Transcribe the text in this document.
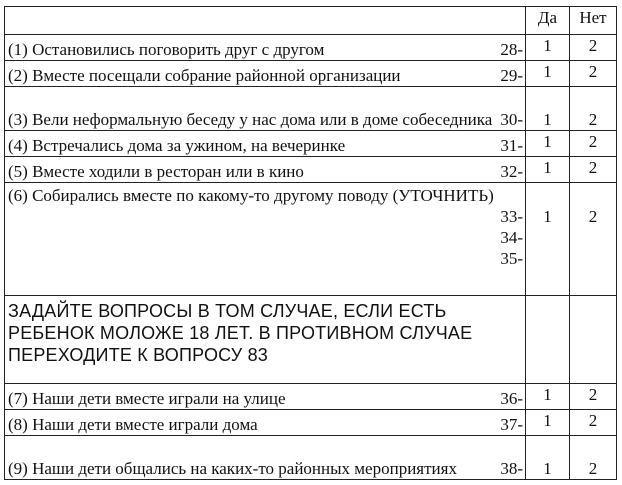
	Да	Нет

(1) Остановились поговорить друг с другом 28-	1	2

(2) Вместе посещали собрание районной организации 29-	1	2

(3) Вели неформальную беседу у нас дома или в доме собеседника 30-	1	2

(4) Встречались дома за ужином, на вечеринке 31-	1	2

(5) Вместе ходили в ресторан или в кино 32-	1	2

(6) Собирались вместе по какому-то другому поводу (УТОЧНИТЬ)
33-
34-
35-	1	2

ЗАДАЙТЕ ВОПРОСЫ В ТОМ СЛУЧАЕ, ЕСЛИ ЕСТЬ РЕБЕНОК МОЛОЖЕ 18 ЛЕТ. В ПРОТИВНОМ СЛУЧАЕ ПЕРЕХОДИТЕ К ВОПРОСУ 83		

(7) Наши дети вместе играли на улице 36-	1	2

(8) Наши дети вместе играли дома 37-	1	2

(9) Наши дети общались на каких-то районных мероприятиях 38-	1	2
